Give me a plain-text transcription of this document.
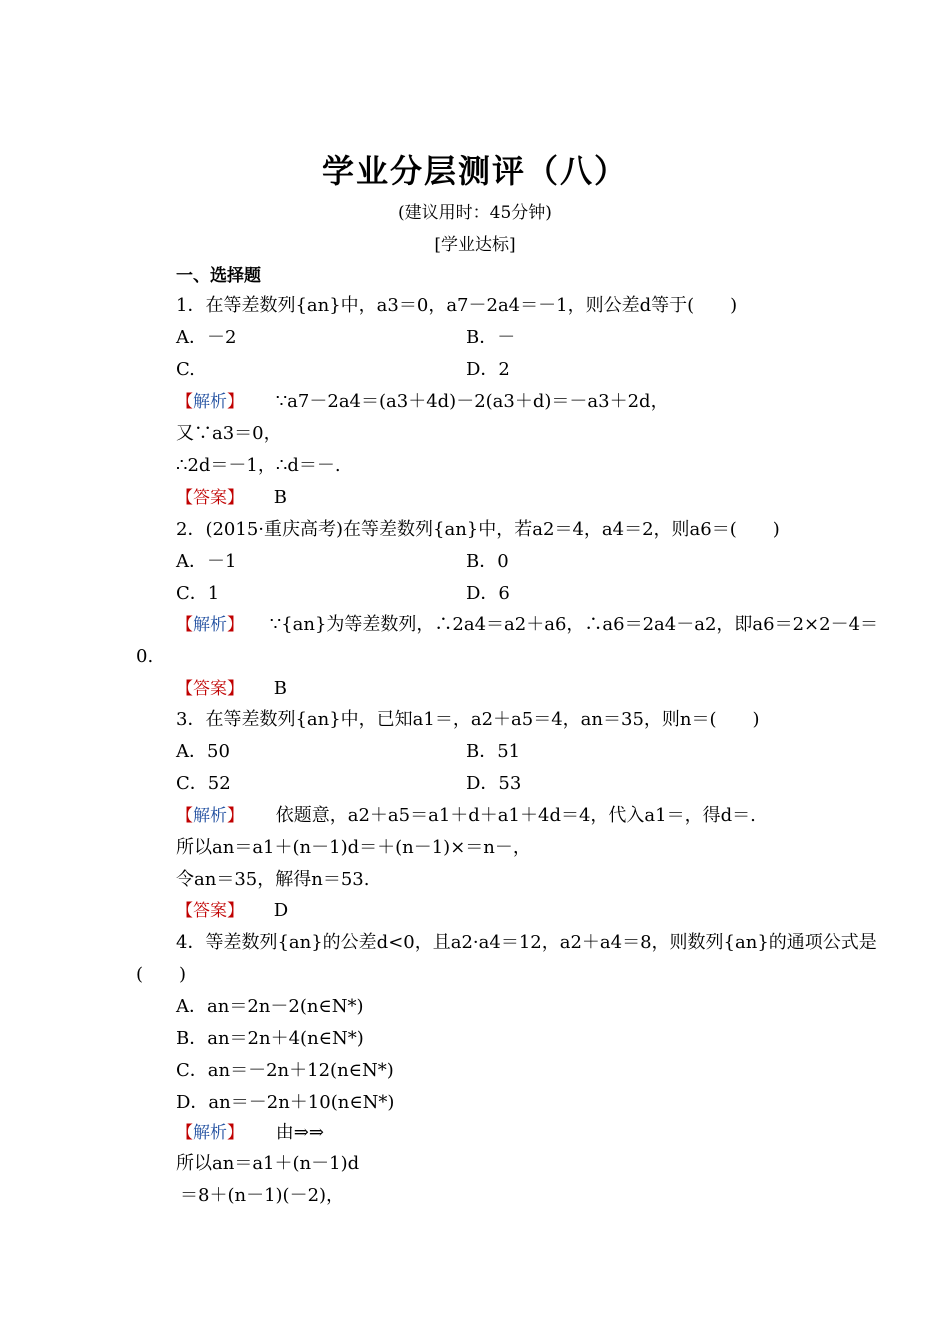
学业分层测评（八）
(建议用时：45分钟)
[学业达标]
一、选择题
1．在等差数列{an}中，a3＝0，a7－2a4＝－1，则公差d等于(　　)
A．－2	B．－
C.	D．2
【解析】 ∵a7－2a4＝(a3＋4d)－2(a3＋d)＝－a3＋2d，
又∵a3＝0，
∴2d＝－1，∴d＝－.
【答案】 B
2．(2015·重庆高考)在等差数列{an}中，若a2＝4，a4＝2，则a6＝(　　)
A．－1	B．0
C．1	D．6
【解析】 ∵{an}为等差数列，∴2a4＝a2＋a6，∴a6＝2a4－a2，即a6＝2×2－4＝
0.
【答案】 B
3．在等差数列{an}中，已知a1＝，a2＋a5＝4，an＝35，则n＝(　　)
A．50	B．51
C．52	D．53
【解析】 依题意，a2＋a5＝a1＋d＋a1＋4d＝4，代入a1＝，得d＝.
所以an＝a1＋(n－1)d＝＋(n－1)×＝n－，
令an＝35，解得n＝53.
【答案】 D
4．等差数列{an}的公差d<0，且a2·a4＝12，a2＋a4＝8，则数列{an}的通项公式是
(　　)
A．an＝2n－2(n∈N*)
B．an＝2n＋4(n∈N*)
C．an＝－2n＋12(n∈N*)
D．an＝－2n＋10(n∈N*)
【解析】 由⇒⇒
所以an＝a1＋(n－1)d
＝8＋(n－1)(－2)，
